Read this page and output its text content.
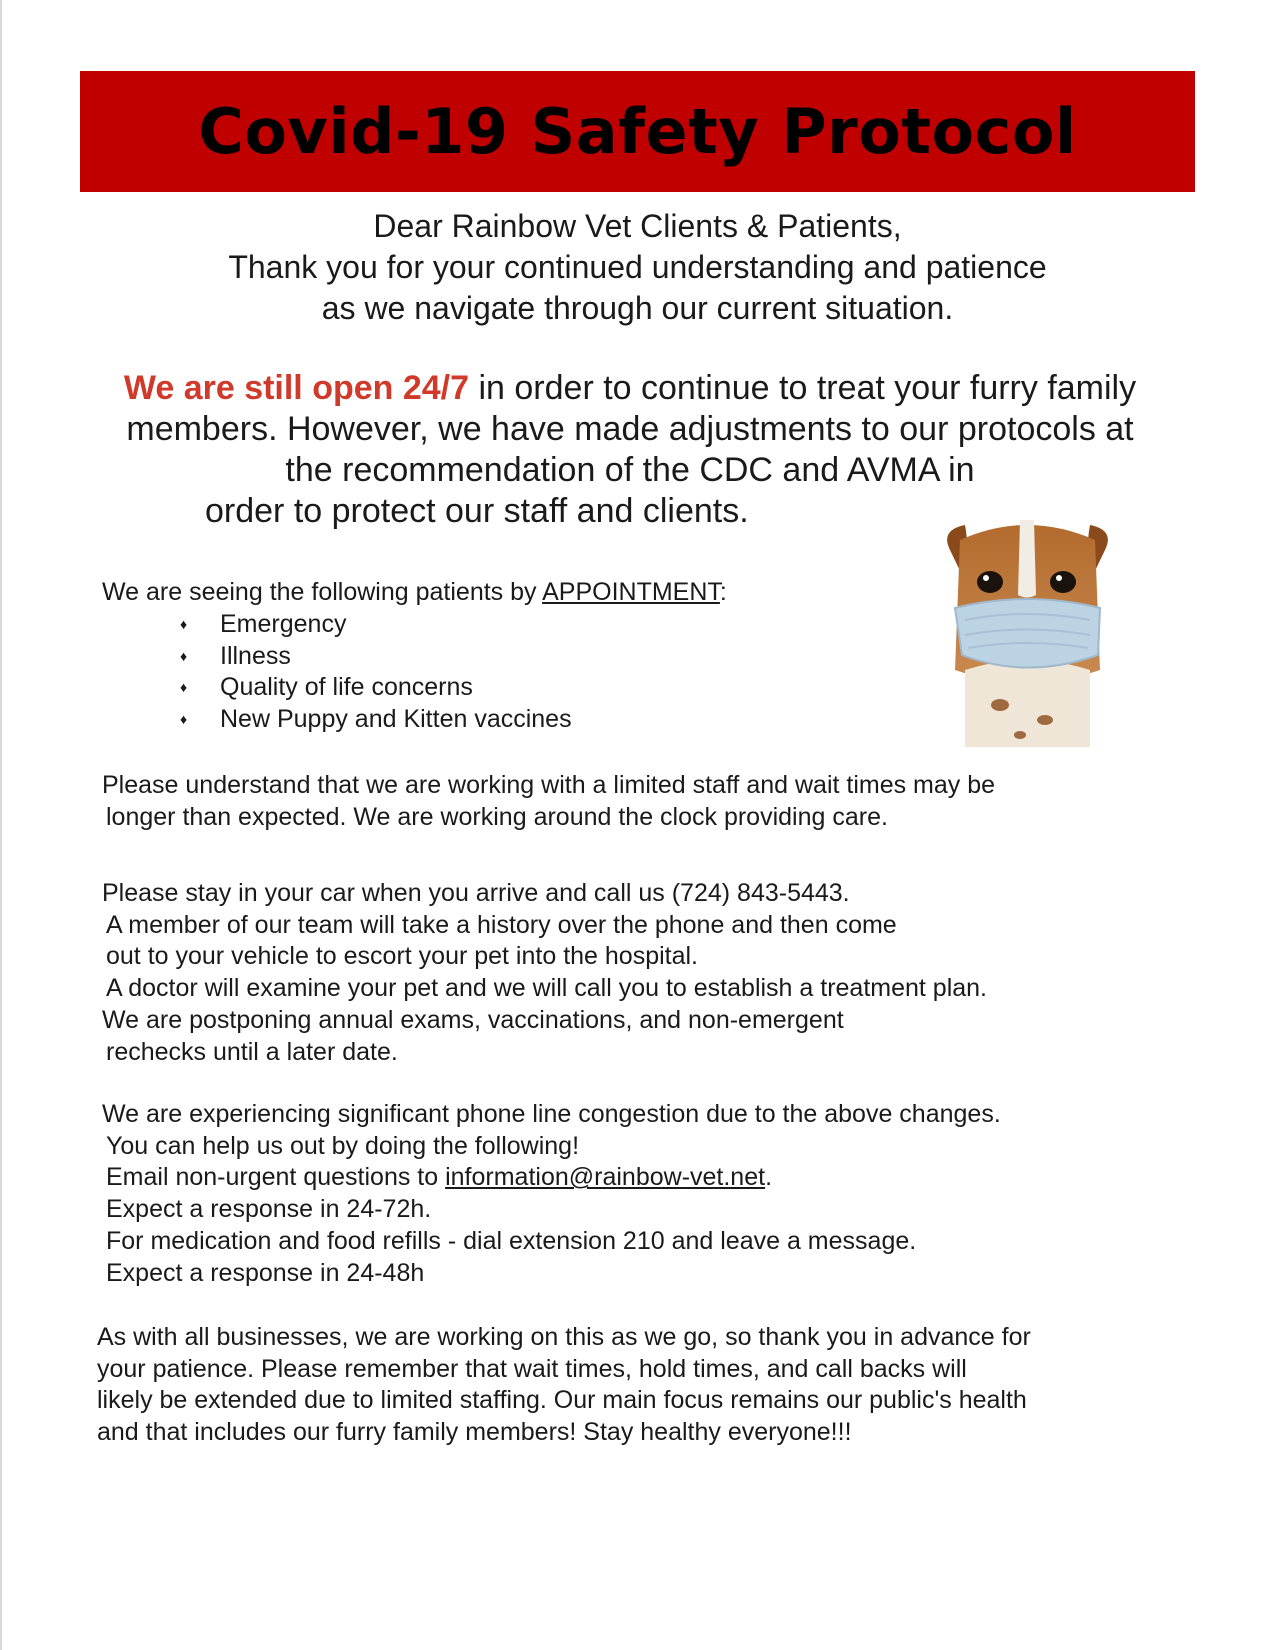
Covid-19 Safety Protocol
Dear Rainbow Vet Clients & Patients,
Thank you for your continued understanding and patience
as we navigate through our current situation.
We are still open 24/7 in order to continue to treat your furry family members. However, we have made adjustments to our protocols at the recommendation of the CDC and AVMA in
order to protect our staff and clients.
We are seeing the following patients by APPOINTMENT:
♦	Emergency
♦	Illness
♦	Quality of life concerns
♦	New Puppy and Kitten vaccines
Please understand that we are working with a limited staff and wait times may be
longer than expected. We are working around the clock providing care.
Please stay in your car when you arrive and call us (724) 843-5443.
A member of our team will take a history over the phone and then come
out to your vehicle to escort your pet into the hospital.
A doctor will examine your pet and we will call you to establish a treatment plan.
We are postponing annual exams, vaccinations, and non-emergent
rechecks until a later date.
We are experiencing significant phone line congestion due to the above changes.
You can help us out by doing the following!
Email non-urgent questions to information@rainbow-vet.net.
Expect a response in 24-72h.
For medication and food refills - dial extension 210 and leave a message.
Expect a response in 24-48h
As with all businesses, we are working on this as we go, so thank you in advance for
your patience. Please remember that wait times, hold times, and call backs will
likely be extended due to limited staffing. Our main focus remains our public's health
and that includes our furry family members! Stay healthy everyone!!!
